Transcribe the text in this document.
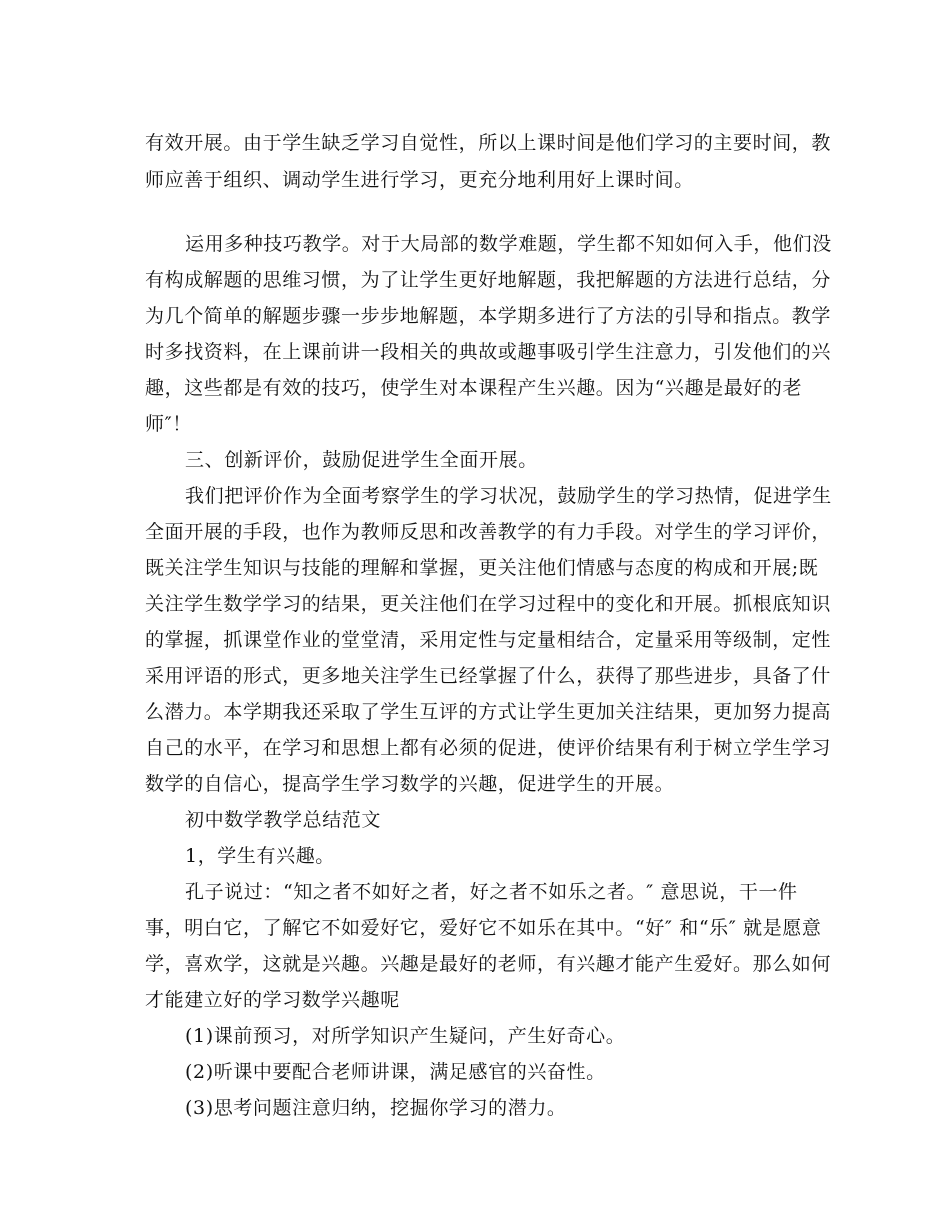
有效开展。由于学生缺乏学习自觉性，所以上课时间是他们学习的主要时间，教
师应善于组织、调动学生进行学习，更充分地利用好上课时间。
运用多种技巧教学。对于大局部的数学难题，学生都不知如何入手，他们没
有构成解题的思维习惯，为了让学生更好地解题，我把解题的方法进行总结，分
为几个简单的解题步骤一步步地解题，本学期多进行了方法的引导和指点。教学
时多找资料，在上课前讲一段相关的典故或趣事吸引学生注意力，引发他们的兴
趣，这些都是有效的技巧，使学生对本课程产生兴趣。因为“兴趣是最好的老
师″！
三、创新评价，鼓励促进学生全面开展。
我们把评价作为全面考察学生的学习状况，鼓励学生的学习热情，促进学生
全面开展的手段，也作为教师反思和改善教学的有力手段。对学生的学习评价，
既关注学生知识与技能的理解和掌握，更关注他们情感与态度的构成和开展;既
关注学生数学学习的结果，更关注他们在学习过程中的变化和开展。抓根底知识
的掌握，抓课堂作业的堂堂清，采用定性与定量相结合，定量采用等级制，定性
采用评语的形式，更多地关注学生已经掌握了什么，获得了那些进步，具备了什
么潜力。本学期我还采取了学生互评的方式让学生更加关注结果，更加努力提高
自己的水平，在学习和思想上都有必须的促进，使评价结果有利于树立学生学习
数学的自信心，提高学生学习数学的兴趣，促进学生的开展。
初中数学教学总结范文
1，学生有兴趣。
孔子说过：“知之者不如好之者，好之者不如乐之者。″ 意思说，干一件
事，明白它，了解它不如爱好它，爱好它不如乐在其中。“好″ 和“乐″ 就是愿意
学，喜欢学，这就是兴趣。兴趣是最好的老师，有兴趣才能产生爱好。那么如何
才能建立好的学习数学兴趣呢
(1)课前预习，对所学知识产生疑问，产生好奇心。
(2)听课中要配合老师讲课，满足感官的兴奋性。
(3)思考问题注意归纳，挖掘你学习的潜力。
